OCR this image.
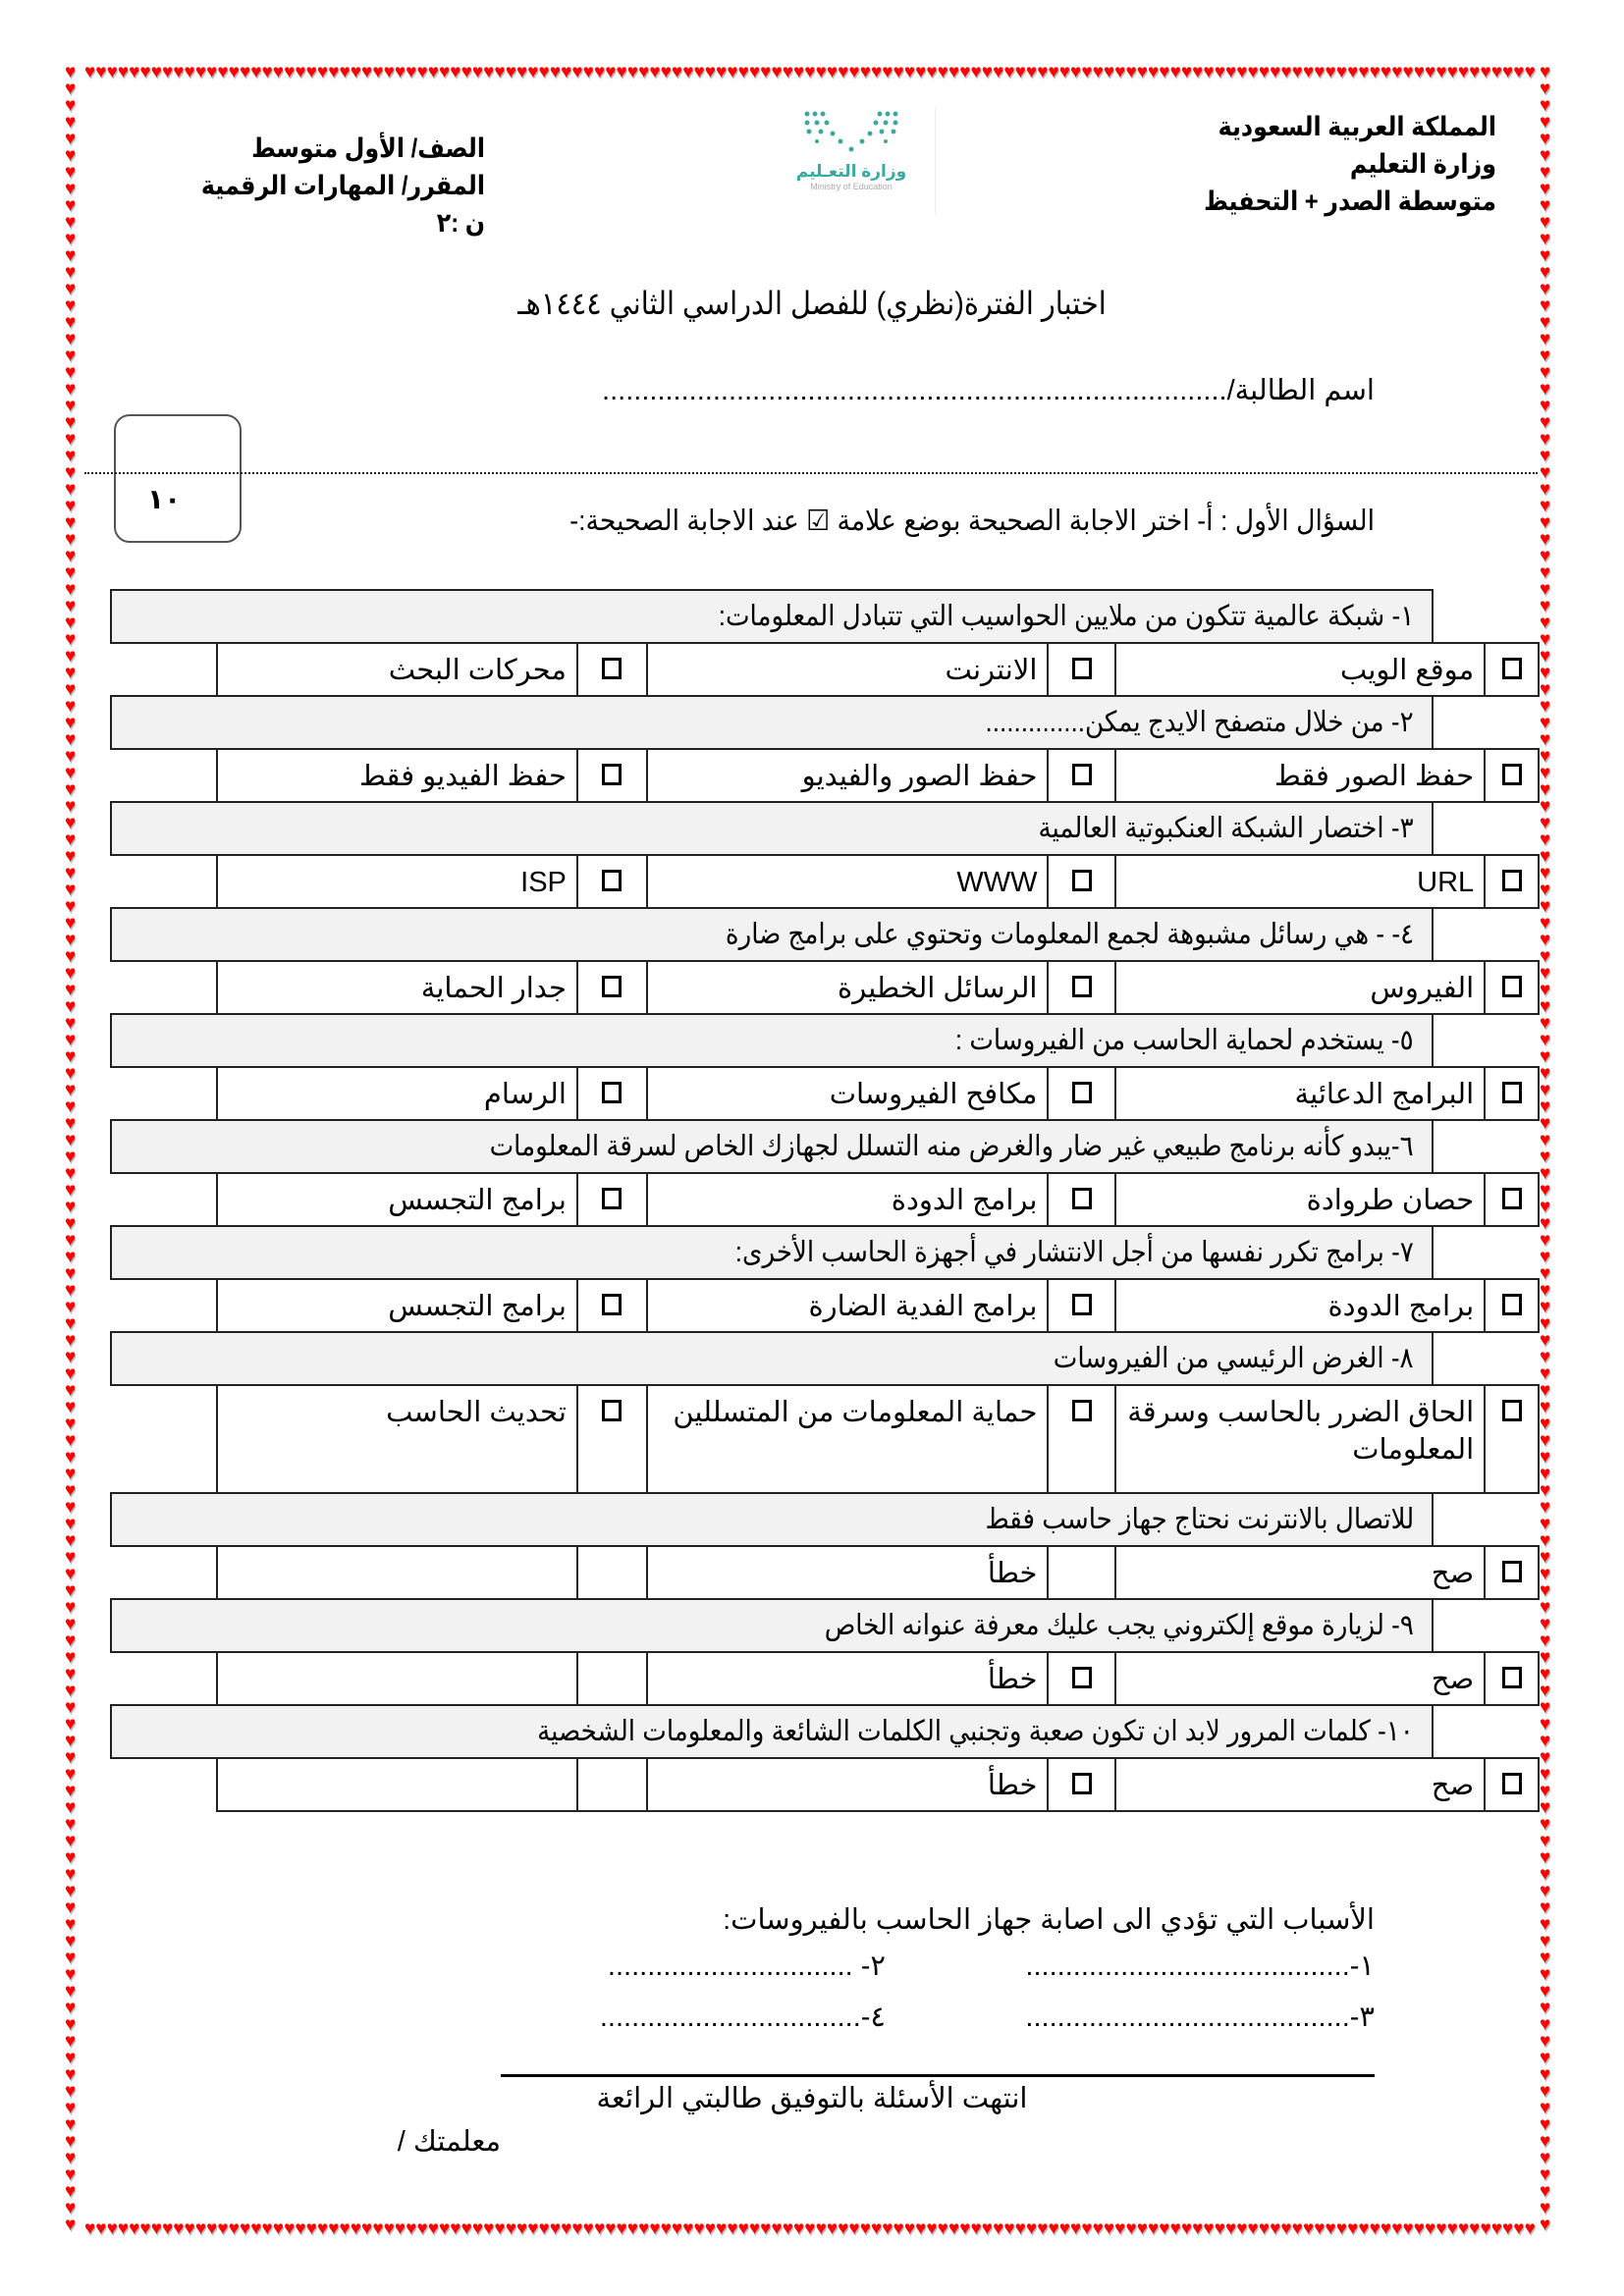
♥♥♥♥♥♥♥♥♥♥♥♥♥♥♥♥♥♥♥♥♥♥♥♥♥♥♥♥♥♥♥♥♥♥♥♥♥♥♥♥♥♥♥♥♥♥♥♥♥♥♥♥♥♥♥♥♥♥♥♥♥♥♥♥♥♥♥♥♥♥♥♥♥♥♥♥♥♥♥♥♥♥♥♥♥♥♥♥♥♥♥♥♥♥♥♥♥♥♥♥♥♥♥♥♥♥♥♥♥♥♥♥♥♥♥♥♥♥♥♥♥♥♥♥♥♥♥♥♥♥♥
♥♥♥♥♥♥♥♥♥♥♥♥♥♥♥♥♥♥♥♥♥♥♥♥♥♥♥♥♥♥♥♥♥♥♥♥♥♥♥♥♥♥♥♥♥♥♥♥♥♥♥♥♥♥♥♥♥♥♥♥♥♥♥♥♥♥♥♥♥♥♥♥♥♥♥♥♥♥♥♥♥♥♥♥♥♥♥♥♥♥♥♥♥♥♥♥♥♥♥♥♥♥♥♥♥♥♥♥♥♥♥♥♥♥♥♥♥♥♥♥♥♥♥♥♥♥♥♥♥♥♥
♥♥♥♥♥♥♥♥♥♥♥♥♥♥♥♥♥♥♥♥♥♥♥♥♥♥♥♥♥♥♥♥♥♥♥♥♥♥♥♥♥♥♥♥♥♥♥♥♥♥♥♥♥♥♥♥♥♥♥♥♥♥♥♥♥♥♥♥♥♥♥♥♥♥♥♥♥♥♥♥♥♥♥♥♥♥♥♥♥♥♥♥♥♥♥♥♥♥♥♥♥♥♥♥♥♥♥♥♥♥♥♥♥♥♥♥♥♥♥♥♥♥♥♥♥♥♥♥♥♥
♥♥♥♥♥♥♥♥♥♥♥♥♥♥♥♥♥♥♥♥♥♥♥♥♥♥♥♥♥♥♥♥♥♥♥♥♥♥♥♥♥♥♥♥♥♥♥♥♥♥♥♥♥♥♥♥♥♥♥♥♥♥♥♥♥♥♥♥♥♥♥♥♥♥♥♥♥♥♥♥♥♥♥♥♥♥♥♥♥♥♥♥♥♥♥♥♥♥♥♥♥♥♥♥♥♥♥♥♥♥♥♥♥♥♥♥♥♥♥♥♥♥♥♥♥♥♥♥♥♥
المملكة العربية السعودية
وزارة التعليم
متوسطة الصدر + التحفيظ
وزارة التعـليم
Ministry of Education
الصف/ الأول متوسط
المقرر/ المهارات الرقمية
ن :٢
اختبار الفترة(نظري) للفصل الدراسي الثاني ١٤٤٤هـ
اسم الطالبة/...............................................................................
١٠
السؤال الأول : أ- اختر الاجابة الصحيحة بوضع علامة ☑ عند الاجابة الصحيحة:-
١- شبكة عالمية تتكون من ملايين الحواسيب التي تتبادل المعلومات:
موقع الويب
الانترنت
محركات البحث
٢- من خلال متصفح الايدج يمكن..............
حفظ الصور فقط
حفظ الصور والفيديو
حفظ الفيديو فقط
٣- اختصار الشبكة العنكبوتية العالمية
URL
WWW
ISP
٤- - هي رسائل مشبوهة لجمع المعلومات وتحتوي على برامج ضارة
الفيروس
الرسائل الخطيرة
جدار الحماية
٥- يستخدم لحماية الحاسب من الفيروسات :
البرامج الدعائية
مكافح الفيروسات
الرسام
٦-يبدو كأنه برنامج طبيعي غير ضار والغرض منه التسلل لجهازك الخاص لسرقة المعلومات
حصان طروادة
برامج الدودة
برامج التجسس
٧- برامج تكرر نفسها من أجل الانتشار في أجهزة الحاسب الأخرى:
برامج الدودة
برامج الفدية الضارة
برامج التجسس
٨- الغرض الرئيسي من الفيروسات
الحاق الضرر بالحاسب وسرقة المعلومات
حماية المعلومات من المتسللين
تحديث الحاسب
للاتصال بالانترنت نحتاج جهاز حاسب فقط
صح
خطأ
٩- لزيارة موقع إلكتروني يجب عليك معرفة عنوانه الخاص
صح
خطأ
١٠- كلمات المرور لابد ان تكون صعبة وتجنبي الكلمات الشائعة والمعلومات الشخصية
صح
خطأ
الأسباب التي تؤدي الى اصابة جهاز الحاسب بالفيروسات:
١-.........................................
٢- ...............................
٣-.........................................
٤-.................................
انتهت الأسئلة بالتوفيق طالبتي الرائعة
معلمتك /
